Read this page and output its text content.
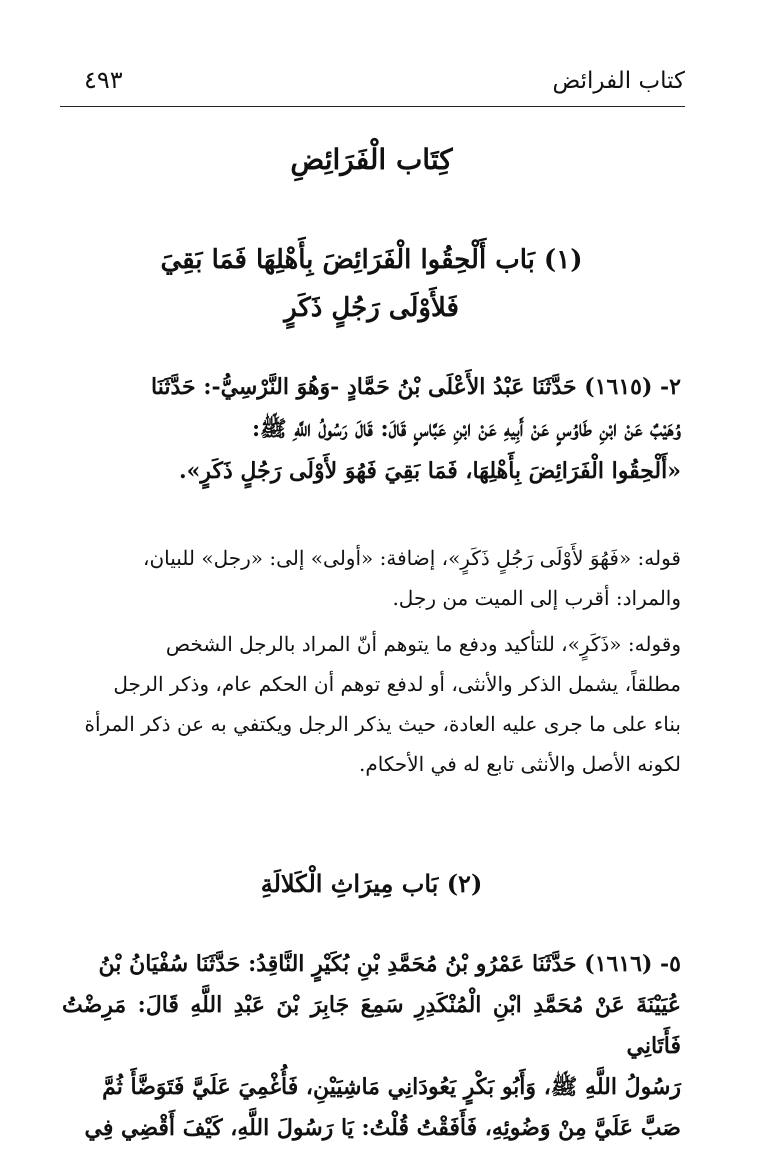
كتاب الفرائض
٤٩٣
كِتَاب الْفَرَائِضِ
(١) بَاب أَلْحِقُوا الْفَرَائِضَ بِأَهْلِهَا فَمَا بَقِيَ
فَلأَوْلَى رَجُلٍ ذَكَرٍ
٢- (١٦١٥) حَدَّثَنَا عَبْدُ الأَعْلَى بْنُ حَمَّادٍ -وَهُوَ النَّرْسِيُّ-: حَدَّثَنَا
وُهَيْبٌ عَنْ ابْنِ طَاوُسٍ عَنْ أَبِيهِ عَنْ ابْنِ عَبَّاسٍ قَالَ: قَالَ رَسُولُ اللَّهِ ﷺ:
«أَلْحِقُوا الْفَرَائِضَ بِأَهْلِهَا، فَمَا بَقِيَ فَهُوَ لأَوْلَى رَجُلٍ ذَكَرٍ».
قوله: «فَهُوَ لأَوْلَى رَجُلٍ ذَكَرٍ»، إضافة: «أولى» إلى: «رجل» للبيان،
والمراد: أقرب إلى الميت من رجل.
وقوله: «ذَكَرٍ»، للتأكيد ودفع ما يتوهم أنّ المراد بالرجل الشخص
مطلقاً، يشمل الذكر والأنثى، أو لدفع توهم أن الحكم عام، وذكر الرجل
بناء على ما جرى عليه العادة، حيث يذكر الرجل ويكتفي به عن ذكر المرأة
لكونه الأصل والأنثى تابع له في الأحكام.
(٢) بَاب مِيرَاثِ الْكَلالَةِ
٥- (١٦١٦) حَدَّثَنَا عَمْرُو بْنُ مُحَمَّدِ بْنِ بُكَيْرٍ النَّاقِدُ: حَدَّثَنَا سُفْيَانُ بْنُ
عُيَيْنَةَ عَنْ مُحَمَّدِ ابْنِ الْمُنْكَدِرِ سَمِعَ جَابِرَ بْنَ عَبْدِ اللَّهِ قَالَ: مَرِضْتُ فَأَتَانِي
رَسُولُ اللَّهِ ﷺ، وَأَبُو بَكْرٍ يَعُودَانِي مَاشِيَيْنِ، فَأُغْمِيَ عَلَيَّ فَتَوَضَّأَ ثُمَّ
صَبَّ عَلَيَّ مِنْ وَضُوئِهِ، فَأَفَقْتُ قُلْتُ: يَا رَسُولَ اللَّهِ، كَيْفَ أَقْضِي فِي
